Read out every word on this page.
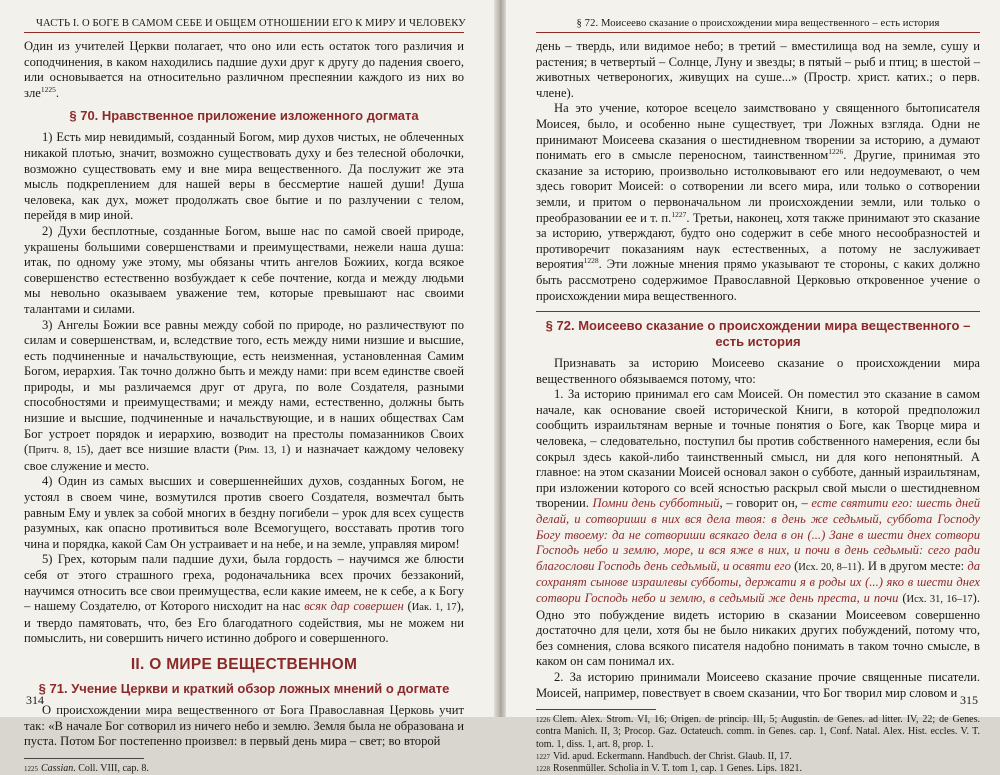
ЧАСТЬ I. О БОГЕ В САМОМ СЕБЕ И ОБЩЕМ ОТНОШЕНИИ ЕГО К МИРУ И ЧЕЛОВЕКУ

Один из учителей Церкви полагает, что оно или есть остаток того различия и соподчинения, в каком находились падшие духи друг к другу до падения своего, или основывается на относительно различном преспеянии каждого из них во зле$^{1225}$.

§ 70. Нравственное приложение изложенного догмата

1) Есть мир невидимый, созданный Богом, мир духов чистых, не облеченных никакой плотью, значит, возможно существовать духу и без телесной оболочки, возможно существовать ему и вне мира вещественного. Да послужит же эта мысль подкреплением для нашей веры в бессмертие нашей души! Душа человека, как дух, может продолжать свое бытие и по разлучении с телом, перейдя в мир иной.

2) Духи бесплотные, созданные Богом, выше нас по самой своей природе, украшены большими совершенствами и преимуществами, нежели наша душа: итак, по одному уже этому, мы обязаны чтить ангелов Божиих, когда всякое совершенство естественно возбуждает к себе почтение, когда и между людьми мы невольно оказываем уважение тем, которые превышают нас своими талантами и силами.

3) Ангелы Божии все равны между собой по природе, но различествуют по силам и совершенствам, и, вследствие того, есть между ними низшие и высшие, есть подчиненные и начальствующие, есть неизменная, установленная Самим Богом, иерархия. Так точно должно быть и между нами: при всем единстве своей природы, и мы различаемся друг от друга, по воле Создателя, разными способностями и преимуществами; и между нами, естественно, должны быть низшие и высшие, подчиненные и начальствующие, и в наших обществах Сам Бог устроет порядок и иерархию, возводит на престолы помазанников Своих (Притч. 8, 15), дает все низшие власти (Рим. 13, 1) и назначает каждому человеку свое служение и место.

4) Один из самых высших и совершеннейших духов, созданных Богом, не устоял в своем чине, возмутился против своего Создателя, возмечтал быть равным Ему и увлек за собой многих в бездну погибели – урок для всех существ разумных, как опасно противиться воле Всемогущего, восставать против того чина и порядка, какой Сам Он устраивает и на небе, и на земле, управляя миром!

5) Грех, которым пали падшие духи, была гордость – научимся же блюсти себя от этого страшного греха, родоначальника всех прочих беззаконий, научимся относить все свои преимущества, если какие имеем, не к себе, а к Богу – нашему Создателю, от Которого нисходит на нас всяк дар совершен (Иак. 1, 17), и твердо памятовать, что, без Его благодатного содействия, мы не можем ни помыслить, ни совершить ничего истинно доброго и совершенного.

II. О МИРЕ ВЕЩЕСТВЕННОМ
§ 71. Учение Церкви и краткий обзор ложных мнений о догмате

О происхождении мира вещественного от Бога Православная Церковь учит так: «В начале Бог сотворил из ничего небо и землю. Земля была не образована и пуста. Потом Бог постепенно произвел: в первый день мира – свет; во второй

$^{1225}$ Cassian. Coll. VIII, cap. 8.
314
§ 72. Моисеево сказание о происхождении мира вещественного – есть история

день – твердь, или видимое небо; в третий – вместилища вод на земле, сушу и растения; в четвертый – Солнце, Луну и звезды; в пятый – рыб и птиц; в шестой – животных четвероногих, живущих на суше...» (Простр. христ. катих.; о перв. члене).

На это учение, которое всецело заимствовано у священного бытописателя Моисея, было, и особенно ныне существует, три Ложных взгляда. Одни не принимают Моисеева сказания о шестидневном творении за историю, а думают понимать его в смысле переносном, таинственном$^{1226}$. Другие, принимая это сказание за историю, произвольно истолковывают его или недоумевают, о чем здесь говорит Моисей: о сотворении ли всего мира, или только о сотворении земли, и притом о первоначальном ли происхождении земли, или только о преобразовании ее и т. п.$^{1227}$. Третьи, наконец, хотя также принимают это сказание за историю, утверждают, будто оно содержит в себе много несообразностей и противоречит показаниям наук естественных, а потому не заслуживает вероятия$^{1228}$. Эти ложные мнения прямо указывают те стороны, с каких должно быть рассмотрено содержимое Православной Церковью откровенное учение о происхождении мира вещественного.

§ 72. Моисеево сказание о происхождении мира вещественного – есть история

Признавать за историю Моисеево сказание о происхождении мира вещественного обязываемся потому, что:

1. За историю принимал его сам Моисей. Он поместил это сказание в самом начале, как основание своей исторической Книги, в которой предположил сообщить израильтянам верные и точные понятия о Боге, как Творце мира и человека, – следовательно, поступил бы против собственного намерения, если бы сокрыл здесь какой-либо таинственный смысл, ни для кого непонятный. А главное: на этом сказании Моисей основал закон о субботе, данный израильтянам, при изложении которого со всей ясностью раскрыл свой мысли о шестидневном творении. Помни день субботный, – говорит он, – есте святити его: шесть дней делай, и сотвориши в них вся дела твоя: в день же седьмый, суббота Господу Богу твоему: да не сотвориши всякаго дела в он (...) Зане в шести днех сотвори Господь небо и землю, море, и вся яже в них, и почи в день седьмый: сего ради благослови Господь день седьмый, и освяти его (Исх. 20, 8–11). И в другом месте: да сохранят сынове израилевы субботы, держати я в роды их (...) яко в шести днех сотвори Господь небо и землю, в седьмый же день преста, и почи (Исх. 31, 16–17). Одно это побуждение видеть историю в сказании Моисеевом совершенно достаточно для цели, хотя бы не было никаких других побуждений, потому что, без сомнения, слова всякого писателя надобно понимать в таком точно смысле, в каком он сам понимал их.

2. За историю принимали Моисеево сказание прочие священные писатели. Моисей, например, повествует в своем сказании, что Бог творил мир словом и

$^{1226}$ Clem. Alex. Strom. VI, 16; Origen. de princip. III, 5; Augustin. de Genes. ad litter. IV, 22; de Genes. contra Manich. II, 3; Procop. Gaz. Octateuch. comm. in Genes. cap. 1, Conf. Natal. Alex. Hist. eccles. V. T. tom. 1, diss. 1, art. 8, prop. 1.
$^{1227}$ Vid. apud. Eckermann. Handbuch. der Christ. Glaub. II, 17.
$^{1228}$ Rosenmüller. Scholia in V. T. tom 1, cap. 1 Genes. Lips. 1821.
315
